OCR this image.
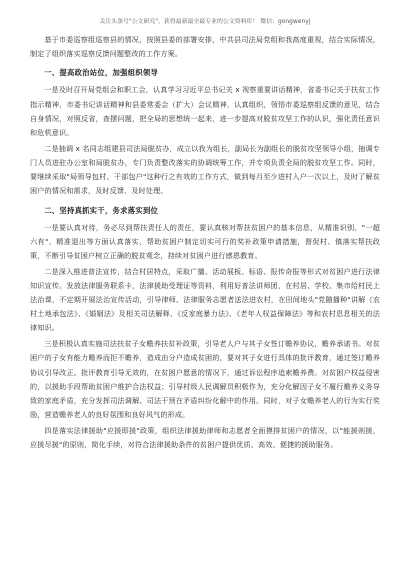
关注头条号"公文研究"，获得最新最全最专业的公文资料库！ 微信：gongwenyj

基于市委巡察组巡察县的情况，按照县委的部署安排，中共县司法局党组和我高度重视，结合实际情况，制定了组织落实巡察反馈问题整改的工作方案。

一、提高政治站位，加强组织领导

一是及时召开局党组会和职工会，认真学习习近平总书记关 x 视察重要讲话精神，省委书记关于扶贫工作指示精神，市委书记讲话精神和县委常委会（扩大）会议精神，认真组织，领悟市委巡察组反馈的意见，结合自身情况，对照反省，查摆问题，把全局的思想统一起来，进一步提高对脱贫攻坚工作的认识，强化责任意识和危机意识。

二是抽调 x 名同志组建县司法局脱贫办，成立以我为组长，副局长为副组长的脱贫攻坚领导小组，抽调专门人员进驻办公室和局脱贫办，专门负责整改落实的协调统筹工作，并专项负责全局的脱贫攻坚工作。同时，要继续采取"局领导包村、干部包户"这种行之有效的工作方式，做到每月至少进村入户一次以上，及时了解贫困户的情况和需求，及时反馈、及时处理。

二、坚持真抓实干，务求落实到位

一是要认真对待，务必尽到帮扶责任人的责任，要认真核对帮扶贫困户的基本信息，从精准识别、"一超六有"、精准退出等方面认真落实，帮助贫困户制定切实可行的奖补政策申请措施，督促村、镇落实帮扶政策，不断引导贫困户树立正确的脱贫观念，持续对贫困户进行感恩教育。

二是深入推进普法宣传，结合村居特点，采取广播、活动展板、标语、报传奇报等形式对贫困户进行法律知识宣传。发放法律服务联系卡，法律援助受理证等资料，利用好普法讲师团，在村居、学校、集市给村民上法治课，不定期开展法治宣传活动，引导律师、法律服务志愿者送法进农村，在田间地头"党随播种"讲解《农村土地承包法》、《婚姻法》及相关司法解释、《反家庭暴力法》、《老年人权益保障法》等和农村息息相关的法律知识。

三是积极认真实施司法扶贫子女赡养扶贫补政策，引导老人户与其子女签订赡养协议，赡养承诺书。对贫困户的子女有能力赡养而拒不赡养，造成由分户造成贫困的，要对其子女进行具体的批评教育，通过签订赡养协议引导改正。批评教育引导无效的，在贫困户愿意的情况下，通过诉讼程序追索赡养费。对贫困户权益侵害的，以援助手段帮助贫困户维护合法权益；引导村级人民调解员积极作为，充分化解因子女不履行赡养义务导致的家庭矛盾，充分发挥司法调解、司法干预在矛盾纠纷化解中的作用。同时，对子女赡养老人的行为实行奖励，营造赡养老人的良好氛围和良好风气的形成。

四是落实法律援助"应援即援"政策，组织法律援助律师和志愿者全面摸排贫困户的情况，以"能援则援，应援尽援"的原则，简化手续，对符合法律援助条件的贫困户提供优质、高效、便捷的援助服务。
